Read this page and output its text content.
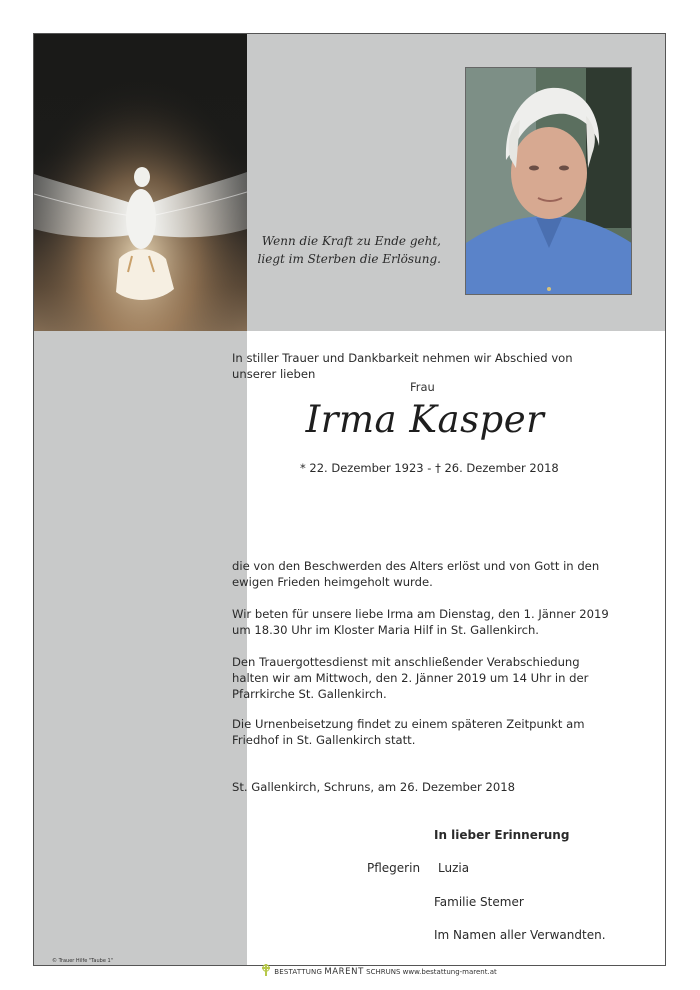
Wenn die Kraft zu Ende geht,
liegt im Sterben die Erlösung.
In stiller Trauer und Dankbarkeit nehmen wir Abschied von unserer lieben
Frau
Irma Kasper
* 22. Dezember 1923 - † 26. Dezember 2018
die von den Beschwerden des Alters erlöst und von Gott in den ewigen Frieden heimgeholt wurde.
Wir beten für unsere liebe Irma am Dienstag, den 1. Jänner 2019 um 18.30 Uhr im Kloster Maria Hilf in St. Gallenkirch.
Den Trauergottesdienst mit anschließender Verabschiedung halten wir am Mittwoch, den 2. Jänner 2019 um 14 Uhr in der Pfarrkirche St. Gallenkirch.
Die Urnenbeisetzung findet zu einem späteren Zeitpunkt am Friedhof in St. Gallenkirch statt.
St. Gallenkirch, Schruns, am 26. Dezember 2018
In lieber Erinnerung
Pflegerin Luzia
Familie Stemer
Im Namen aller Verwandten.
© Trauer Hilfe "Taube 1"
BESTATTUNG MARENT SCHRUNS www.bestattung-marent.at
